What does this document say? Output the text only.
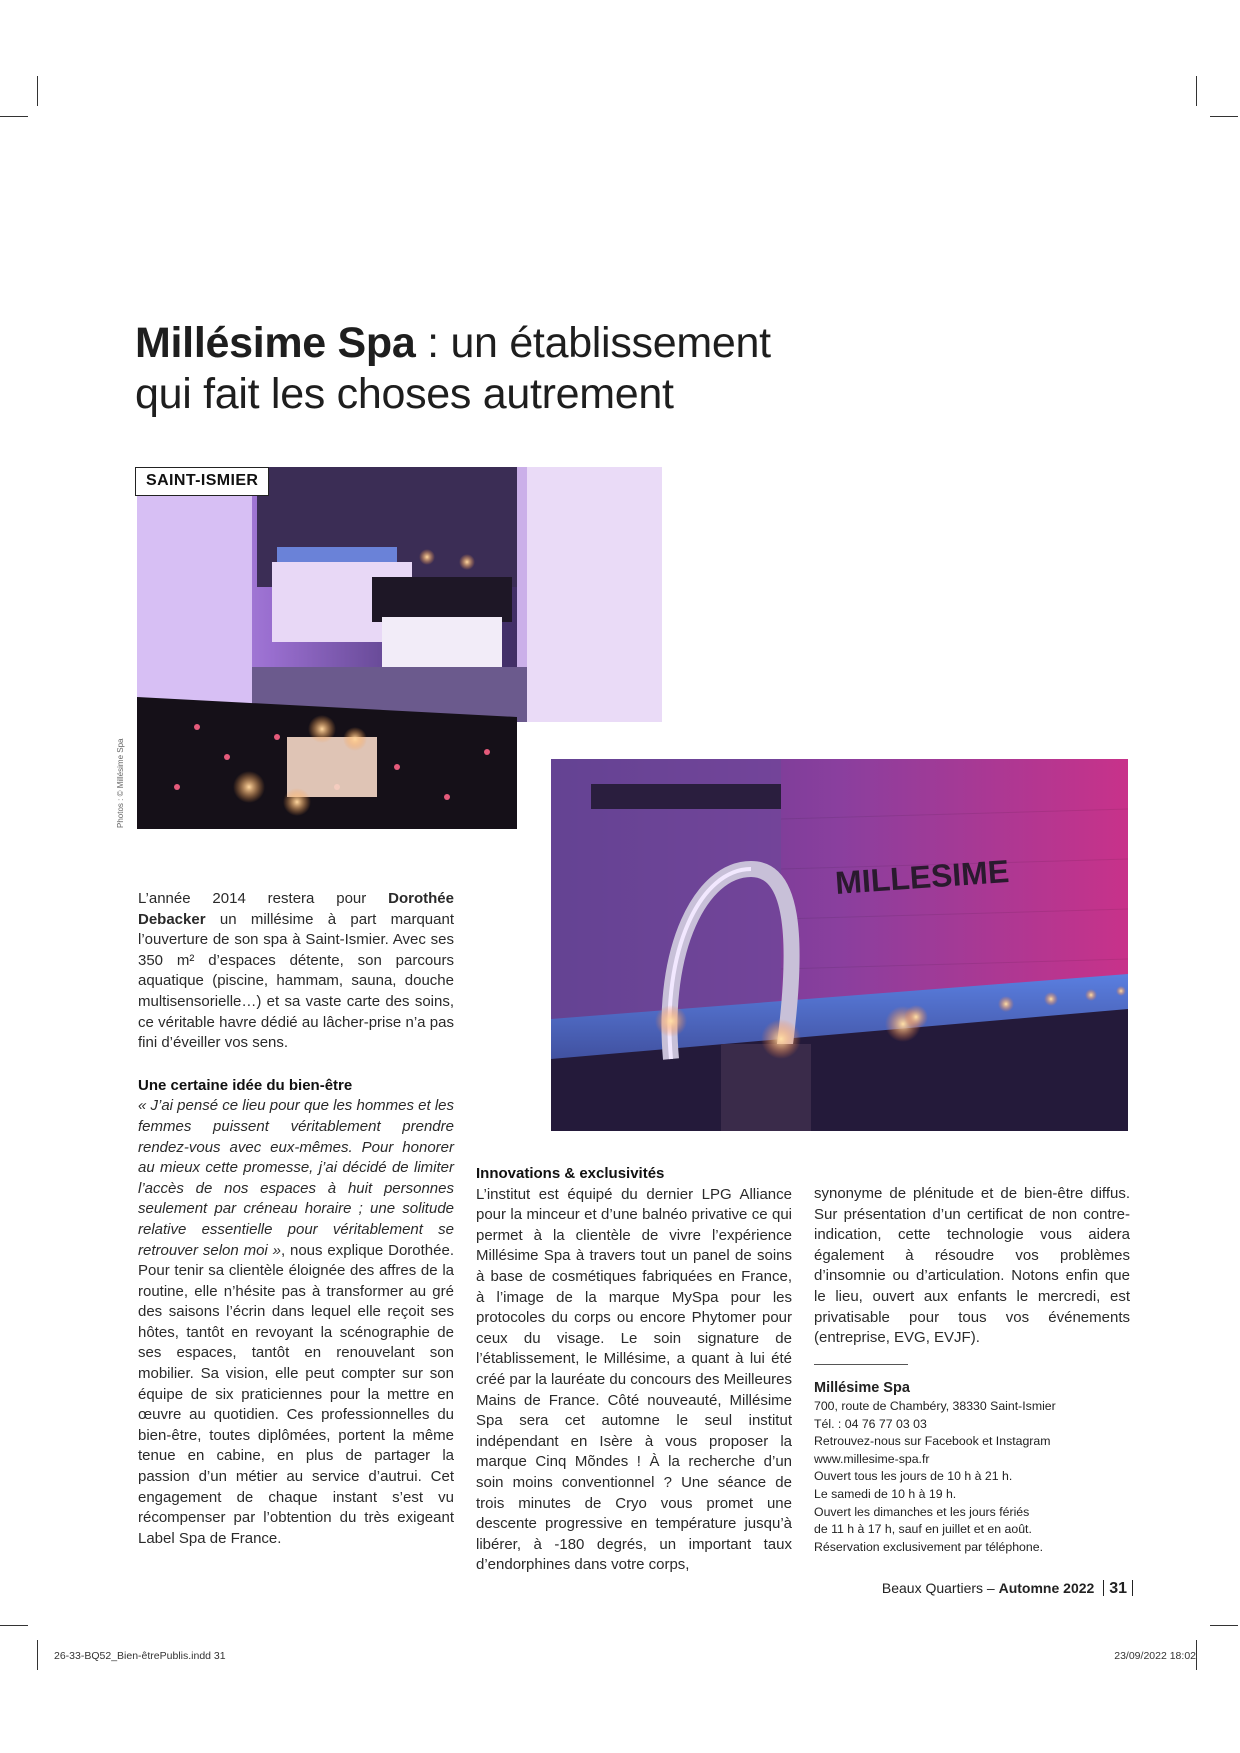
Millésime Spa : un établissement qui fait les choses autrement
SAINT-ISMIER
Photos : © Millésime Spa
MILLESIME

L’année 2014 restera pour Dorothée Debacker un millésime à part marquant l’ouverture de son spa à Saint-Ismier. Avec ses 350 m² d’espaces détente, son parcours aquatique (piscine, hammam, sauna, douche multisensorielle…) et sa vaste carte des soins, ce véritable havre dédié au lâcher-prise n’a pas fini d’éveiller vos sens.

Une certaine idée du bien-être

« J’ai pensé ce lieu pour que les hommes et les femmes puissent véritablement prendre rendez-vous avec eux-mêmes. Pour honorer au mieux cette promesse, j’ai décidé de limiter l’accès de nos espaces à huit personnes seulement par créneau horaire ; une solitude relative essentielle pour véritablement se retrouver selon moi », nous explique Dorothée. Pour tenir sa clientèle éloignée des affres de la routine, elle n’hésite pas à transformer au gré des saisons l’écrin dans lequel elle reçoit ses hôtes, tantôt en revoyant la scénographie de ses espaces, tantôt en renouvelant son mobilier. Sa vision, elle peut compter sur son équipe de six praticiennes pour la mettre en œuvre au quotidien. Ces professionnelles du bien-être, toutes diplômées, portent la même tenue en cabine, en plus de partager la passion d’un métier au service d’autrui. Cet engagement de chaque instant s’est vu récompenser par l’obtention du très exigeant Label Spa de France.

Innovations & exclusivités

L’institut est équipé du dernier LPG Alliance pour la minceur et d’une balnéo privative ce qui permet à la clientèle de vivre l’expérience Millésime Spa à travers tout un panel de soins à base de cosmétiques fabriquées en France, à l’image de la marque MySpa pour les protocoles du corps ou encore Phytomer pour ceux du visage. Le soin signature de l’établissement, le Millésime, a quant à lui été créé par la lauréate du concours des Meilleures Mains de France. Côté nouveauté, Millésime Spa sera cet automne le seul institut indépendant en Isère à vous proposer la marque Cinq Mõndes ! À la recherche d’un soin moins conventionnel ? Une séance de trois minutes de Cryo vous promet une descente progressive en température jusqu’à libérer, à -180 degrés, un important taux d’endorphines dans votre corps,

synonyme de plénitude et de bien-être diffus. Sur présentation d’un certificat de non contre-indication, cette technologie vous aidera également à résoudre vos problèmes d’insomnie ou d’articulation. Notons enfin que le lieu, ouvert aux enfants le mercredi, est privatisable pour tous vos événements (entreprise, EVG, EVJF).

Millésime Spa
700, route de Chambéry, 38330 Saint-Ismier
Tél. : 04 76 77 03 03
Retrouvez-nous sur Facebook et Instagram
www.millesime-spa.fr
Ouvert tous les jours de 10 h à 21 h.
Le samedi de 10 h à 19 h.
Ouvert les dimanches et les jours fériés
de 11 h à 17 h, sauf en juillet et en août.
Réservation exclusivement par téléphone.
Beaux Quartiers – Automne 2022 31
26-33-BQ52_Bien-êtrePublis.indd 31	23/09/2022 18:02
